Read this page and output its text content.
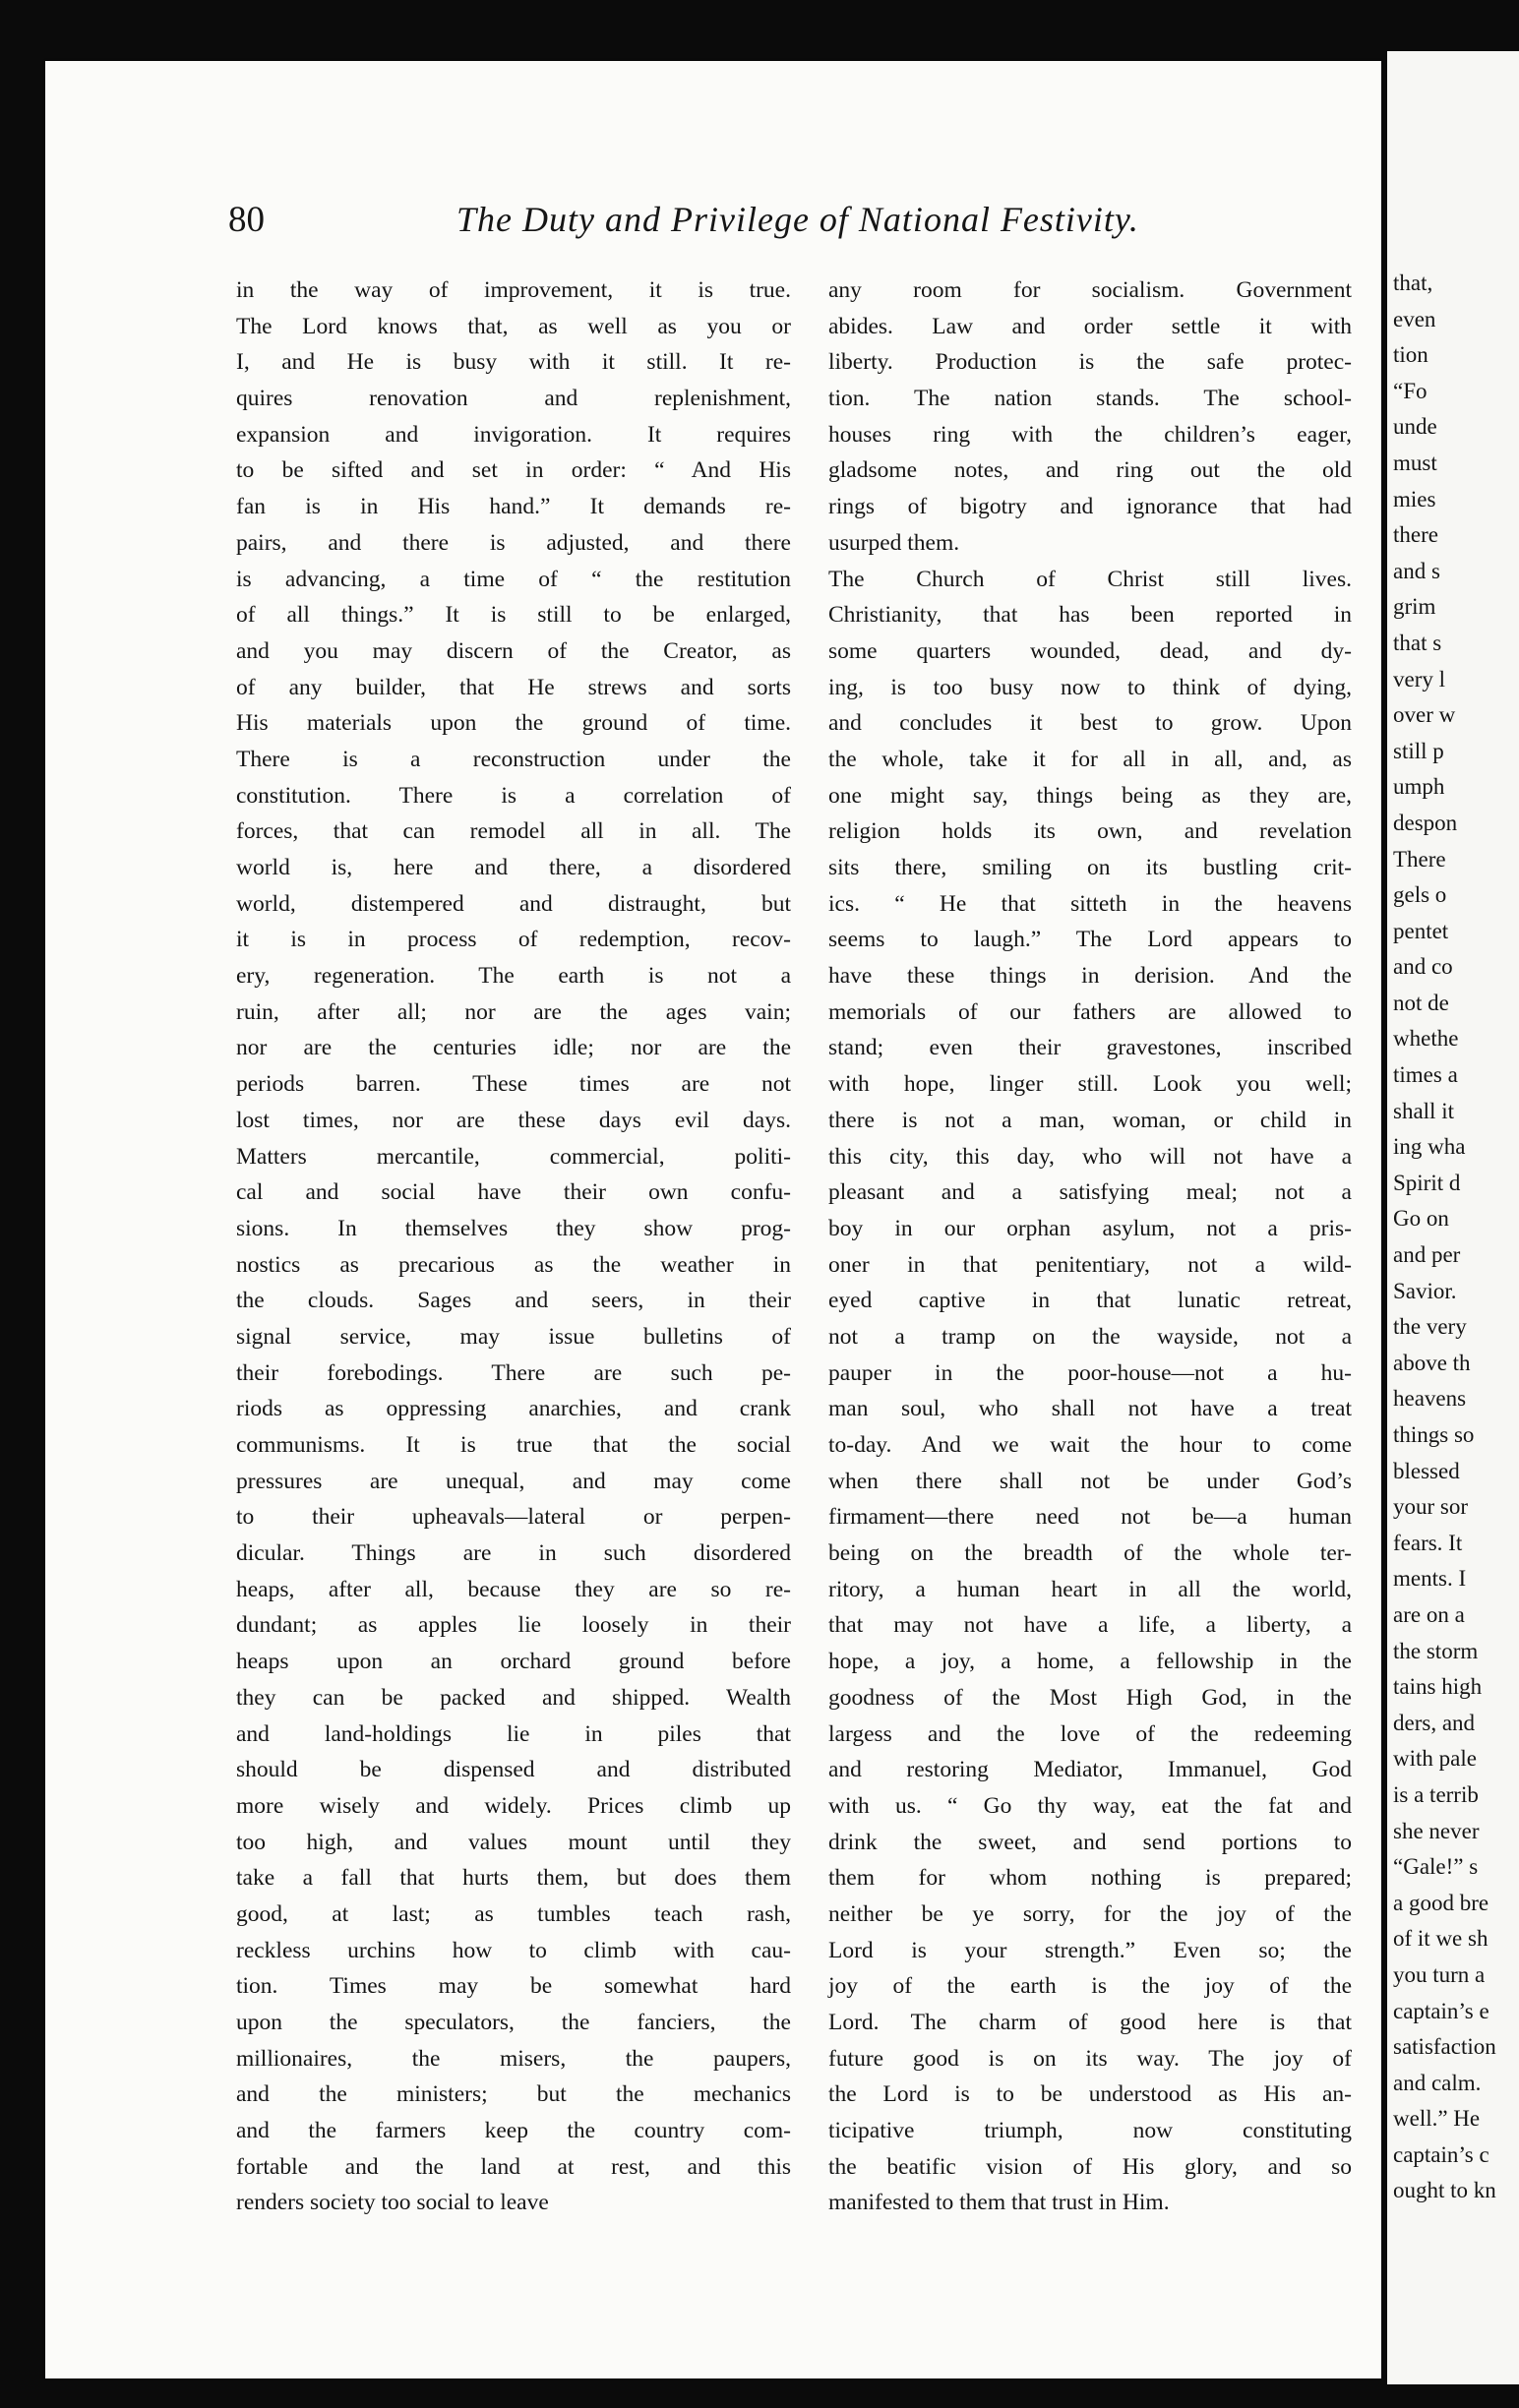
80	The Duty and Privilege of National Festivity.
in the way of improvement, it is true.
The Lord knows that, as well as you or
I, and He is busy with it still. It re-
quires renovation and replenishment,
expansion and invigoration. It requires
to be sifted and set in order: “ And His
fan is in His hand.” It demands re-
pairs, and there is adjusted, and there
is advancing, a time of “ the restitution
of all things.” It is still to be enlarged,
and you may discern of the Creator, as
of any builder, that He strews and sorts
His materials upon the ground of time.
There is a reconstruction under the
constitution. There is a correlation of
forces, that can remodel all in all. The
world is, here and there, a disordered
world, distempered and distraught, but
it is in process of redemption, recov-
ery, regeneration. The earth is not a
ruin, after all; nor are the ages vain;
nor are the centuries idle; nor are the
periods barren. These times are not
lost times, nor are these days evil days.
Matters mercantile, commercial, politi-
cal and social have their own confu-
sions. In themselves they show prog-
nostics as precarious as the weather in
the clouds. Sages and seers, in their
signal service, may issue bulletins of
their forebodings. There are such pe-
riods as oppressing anarchies, and crank
communisms. It is true that the social
pressures are unequal, and may come
to their upheavals—lateral or perpen-
dicular. Things are in such disordered
heaps, after all, because they are so re-
dundant; as apples lie loosely in their
heaps upon an orchard ground before
they can be packed and shipped. Wealth
and land-holdings lie in piles that
should be dispensed and distributed
more wisely and widely. Prices climb up
too high, and values mount until they
take a fall that hurts them, but does them
good, at last; as tumbles teach rash,
reckless urchins how to climb with cau-
tion. Times may be somewhat hard
upon the speculators, the fanciers, the
millionaires, the misers, the paupers,
and the ministers; but the mechanics
and the farmers keep the country com-
fortable and the land at rest, and this
renders society too social to leave
any room for socialism. Government
abides. Law and order settle it with
liberty. Production is the safe protec-
tion. The nation stands. The school-
houses ring with the children’s eager,
gladsome notes, and ring out the old
rings of bigotry and ignorance that had
usurped them.
The Church of Christ still lives.
Christianity, that has been reported in
some quarters wounded, dead, and dy-
ing, is too busy now to think of dying,
and concludes it best to grow. Upon
the whole, take it for all in all, and, as
one might say, things being as they are,
religion holds its own, and revelation
sits there, smiling on its bustling crit-
ics. “ He that sitteth in the heavens
seems to laugh.” The Lord appears to
have these things in derision. And the
memorials of our fathers are allowed to
stand; even their gravestones, inscribed
with hope, linger still. Look you well;
there is not a man, woman, or child in
this city, this day, who will not have a
pleasant and a satisfying meal; not a
boy in our orphan asylum, not a pris-
oner in that penitentiary, not a wild-
eyed captive in that lunatic retreat,
not a tramp on the wayside, not a
pauper in the poor-house—not a hu-
man soul, who shall not have a treat
to-day. And we wait the hour to come
when there shall not be under God’s
firmament—there need not be—a human
being on the breadth of the whole ter-
ritory, a human heart in all the world,
that may not have a life, a liberty, a
hope, a joy, a home, a fellowship in the
goodness of the Most High God, in the
largess and the love of the redeeming
and restoring Mediator, Immanuel, God
with us. “ Go thy way, eat the fat and
drink the sweet, and send portions to
them for whom nothing is prepared;
neither be ye sorry, for the joy of the
Lord is your strength.” Even so; the
joy of the earth is the joy of the
Lord. The charm of good here is that
future good is on its way. The joy of
the Lord is to be understood as His an-
ticipative triumph, now constituting
the beatific vision of His glory, and so
manifested to them that trust in Him.
that,
even
tion
“Fo
unde
must
mies
there
and s
grim
that s
very l
over w
still p
umph
despon
There
gels o
pentet
and co
not de
whethe
times a
shall it
ing wha
Spirit d
Go on
and per
Savior.
the very
above th
heavens
things so
blessed
your sor
fears. It
ments. I
are on a
the storm
tains high
ders, and
with pale
is a terrib
she never
“Gale!” s
a good bre
of it we sh
you turn a
captain’s e
satisfaction
and calm.
well.” He
captain’s c
ought to kn
